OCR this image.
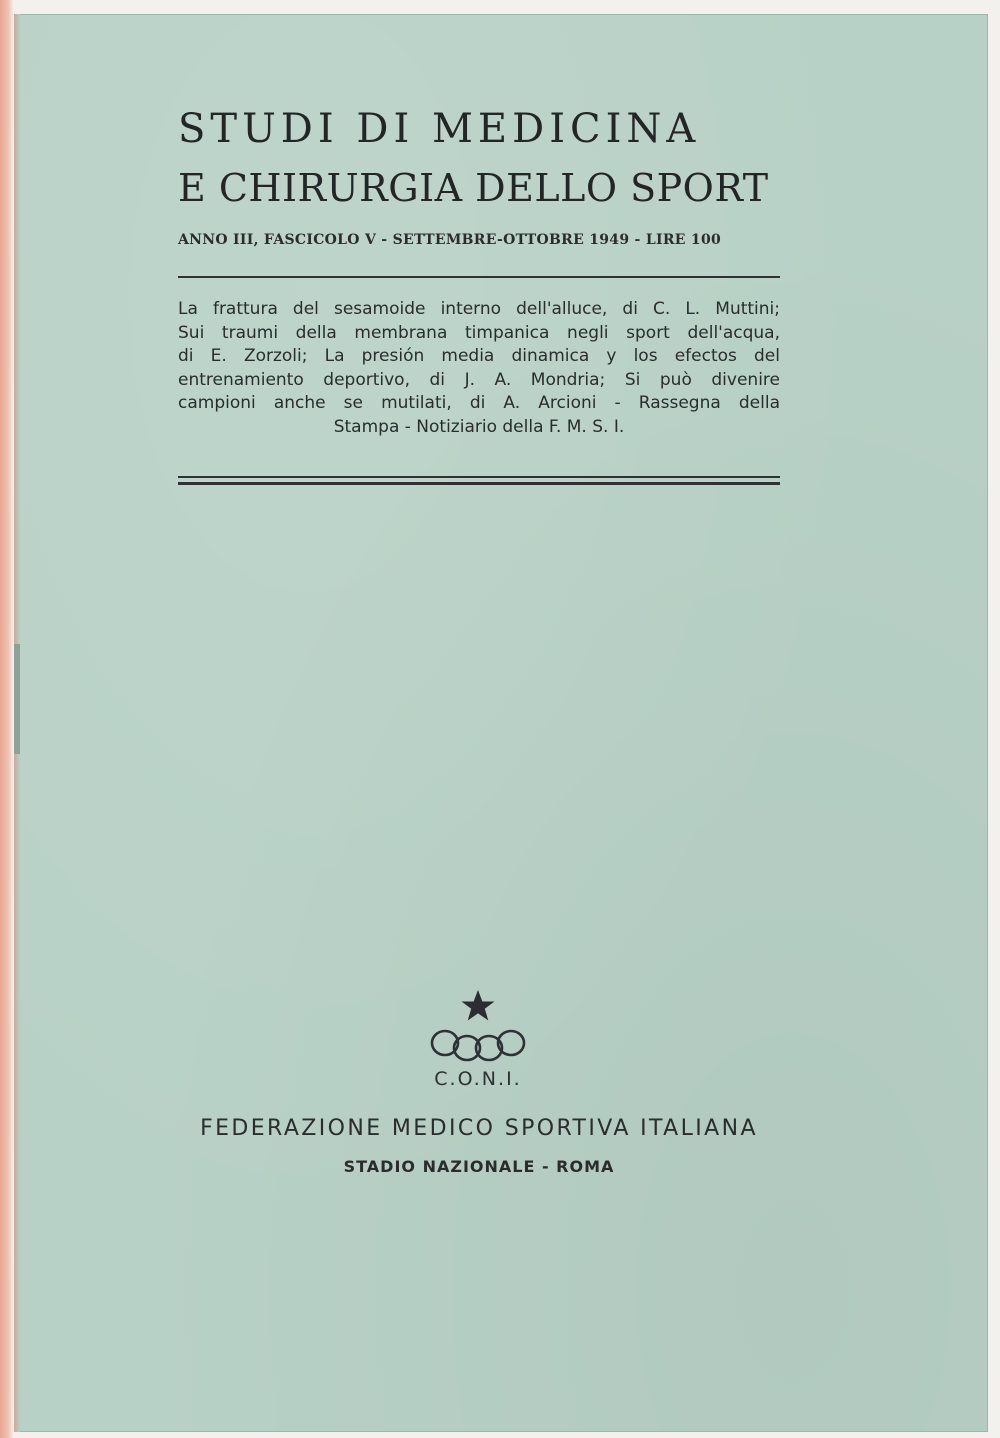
STUDI DI MEDICINA
E CHIRURGIA DELLO SPORT
ANNO III, FASCICOLO V - SETTEMBRE-OTTOBRE 1949 - LIRE 100
La frattura del sesamoide interno dell'alluce, di C. L. Muttini;
Sui traumi della membrana timpanica negli sport dell'acqua,
di E. Zorzoli; La presión media dinamica y los efectos del
entrenamiento deportivo, di J. A. Mondria; Si può divenire
campioni anche se mutilati, di A. Arcioni - Rassegna della
Stampa - Notiziario della F. M. S. I.
C.O.N.I.
FEDERAZIONE MEDICO SPORTIVA ITALIANA
STADIO NAZIONALE - ROMA
